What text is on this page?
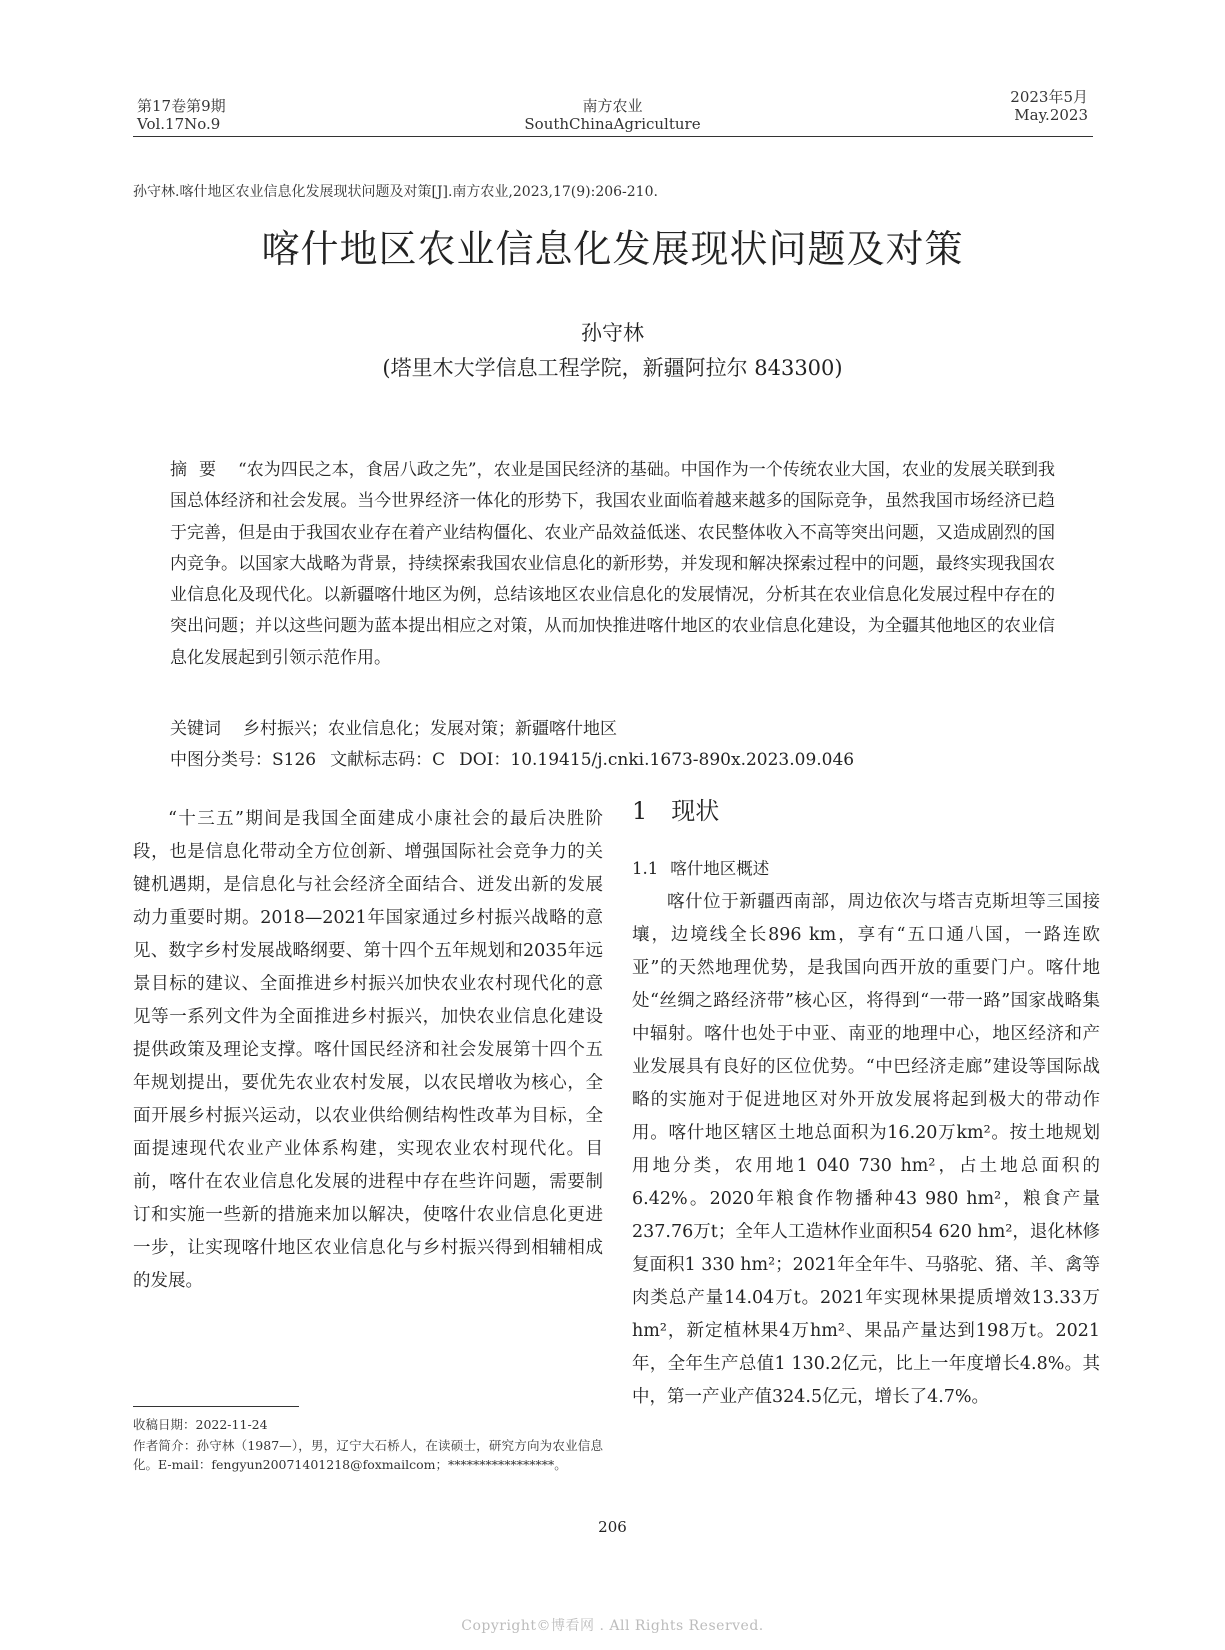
第17卷第9期
Vol.17No.9
南方农业
SouthChinaAgriculture
2023年5月
May.2023
孙守林.喀什地区农业信息化发展现状问题及对策[J].南方农业,2023,17(9):206-210.
喀什地区农业信息化发展现状问题及对策
孙守林
(塔里木大学信息工程学院，新疆阿拉尔 843300)
摘要 “农为四民之本，食居八政之先”，农业是国民经济的基础。中国作为一个传统农业大国，农业的发展关联到我国总体经济和社会发展。当今世界经济一体化的形势下，我国农业面临着越来越多的国际竞争，虽然我国市场经济已趋于完善，但是由于我国农业存在着产业结构僵化、农业产品效益低迷、农民整体收入不高等突出问题，又造成剧烈的国内竞争。以国家大战略为背景，持续探索我国农业信息化的新形势，并发现和解决探索过程中的问题，最终实现我国农业信息化及现代化。以新疆喀什地区为例，总结该地区农业信息化的发展情况，分析其在农业信息化发展过程中存在的突出问题；并以这些问题为蓝本提出相应之对策，从而加快推进喀什地区的农业信息化建设，为全疆其他地区的农业信息化发展起到引领示范作用。
关键词 乡村振兴；农业信息化；发展对策；新疆喀什地区
中图分类号：S126 文献标志码：C DOI：10.19415/j.cnki.1673-890x.2023.09.046
“十三五”期间是我国全面建成小康社会的最后决胜阶段，也是信息化带动全方位创新、增强国际社会竞争力的关键机遇期，是信息化与社会经济全面结合、迸发出新的发展动力重要时期。2018—2021年国家通过乡村振兴战略的意见、数字乡村发展战略纲要、第十四个五年规划和2035年远景目标的建议、全面推进乡村振兴加快农业农村现代化的意见等一系列文件为全面推进乡村振兴，加快农业信息化建设提供政策及理论支撑。喀什国民经济和社会发展第十四个五年规划提出，要优先农业农村发展，以农民增收为核心，全面开展乡村振兴运动，以农业供给侧结构性改革为目标，全面提速现代农业产业体系构建，实现农业农村现代化。目前，喀什在农业信息化发展的进程中存在些许问题，需要制订和实施一些新的措施来加以解决，使喀什农业信息化更进一步，让实现喀什地区农业信息化与乡村振兴得到相辅相成的发展。
收稿日期：2022-11-24
作者简介：孙守林（1987—），男，辽宁大石桥人，在读硕士，研究方向为农业信息化。E-mail：fengyun20071401218@foxmailcom；*****************。
1 现状
1.1 喀什地区概述
喀什位于新疆西南部，周边依次与塔吉克斯坦等三国接壤，边境线全长896 km，享有“五口通八国，一路连欧亚”的天然地理优势，是我国向西开放的重要门户。喀什地处“丝绸之路经济带”核心区，将得到“一带一路”国家战略集中辐射。喀什也处于中亚、南亚的地理中心，地区经济和产业发展具有良好的区位优势。“中巴经济走廊”建设等国际战略的实施对于促进地区对外开放发展将起到极大的带动作用。喀什地区辖区土地总面积为16.20万km²。按土地规划用地分类，农用地1 040 730 hm²，占土地总面积的6.42%。2020年粮食作物播种43 980 hm²，粮食产量237.76万t；全年人工造林作业面积54 620 hm²，退化林修复面积1 330 hm²；2021年全年牛、马骆驼、猪、羊、禽等肉类总产量14.04万t。2021年实现林果提质增效13.33万hm²，新定植林果4万hm²、果品产量达到198万t。2021年，全年生产总值1 130.2亿元，比上一年度增长4.8%。其中，第一产业产值324.5亿元，增长了4.7%。
206
Copyright©博看网 . All Rights Reserved.
